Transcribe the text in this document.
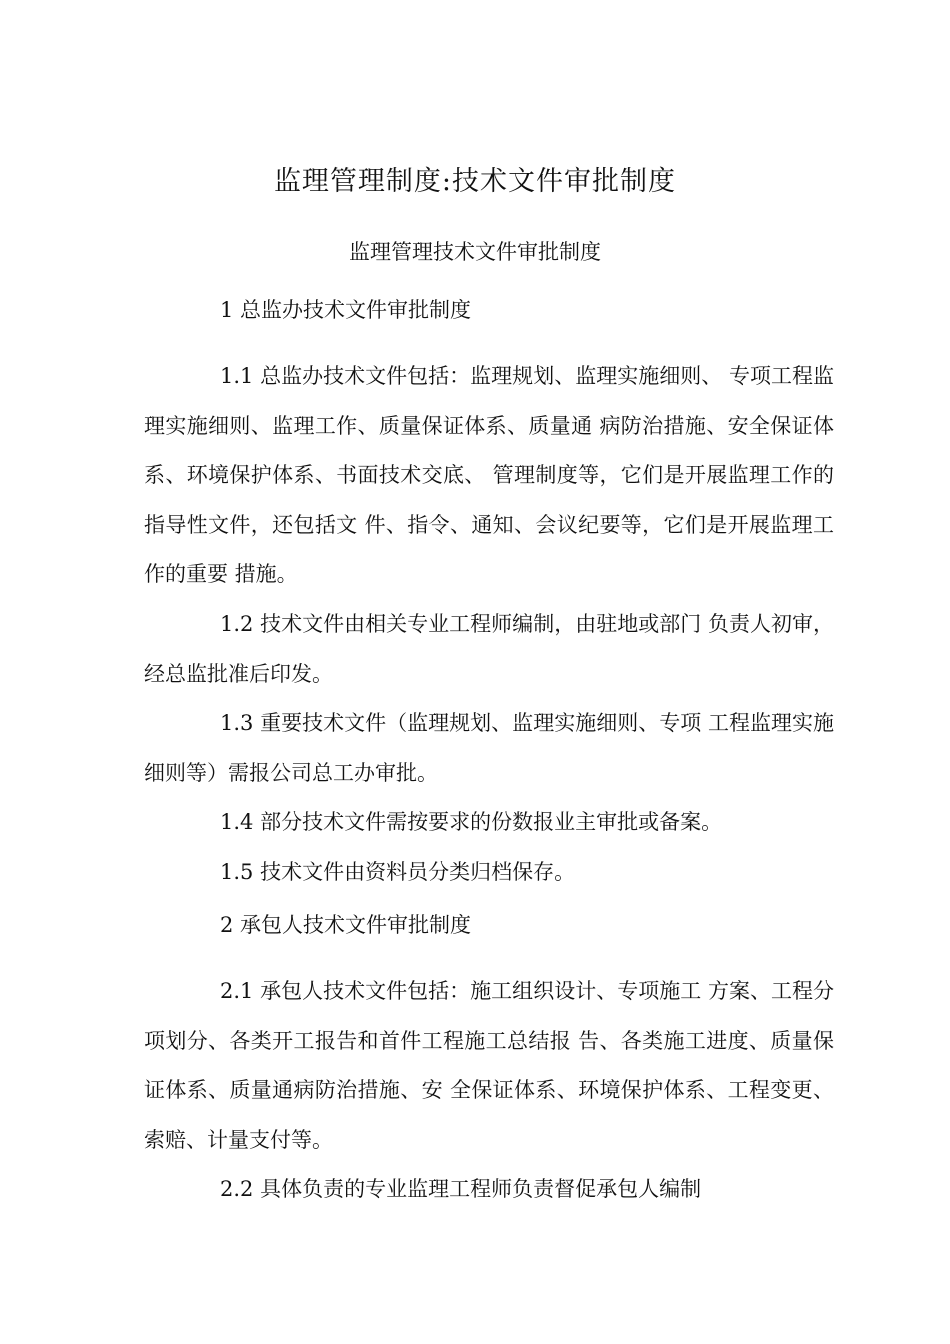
监理管理制度:技术文件审批制度
监理管理技术文件审批制度
1 总监办技术文件审批制度

1.1 总监办技术文件包括：监理规划、监理实施细则、 专项工程监理实施细则、监理工作、质量保证体系、质量通 病防治措施、安全保证体系、环境保护体系、书面技术交底、 管理制度等，它们是开展监理工作的指导性文件，还包括文 件、指令、通知、会议纪要等，它们是开展监理工作的重要 措施。

1.2 技术文件由相关专业工程师编制，由驻地或部门 负责人初审，经总监批准后印发。

1.3 重要技术文件（监理规划、监理实施细则、专项 工程监理实施细则等）需报公司总工办审批。

1.4 部分技术文件需按要求的份数报业主审批或备案。

1.5 技术文件由资料员分类归档保存。

2 承包人技术文件审批制度

2.1 承包人技术文件包括：施工组织设计、专项施工 方案、工程分项划分、各类开工报告和首件工程施工总结报 告、各类施工进度、质量保证体系、质量通病防治措施、安 全保证体系、环境保护体系、工程变更、索赔、计量支付等。

2.2 具体负责的专业监理工程师负责督促承包人编制
